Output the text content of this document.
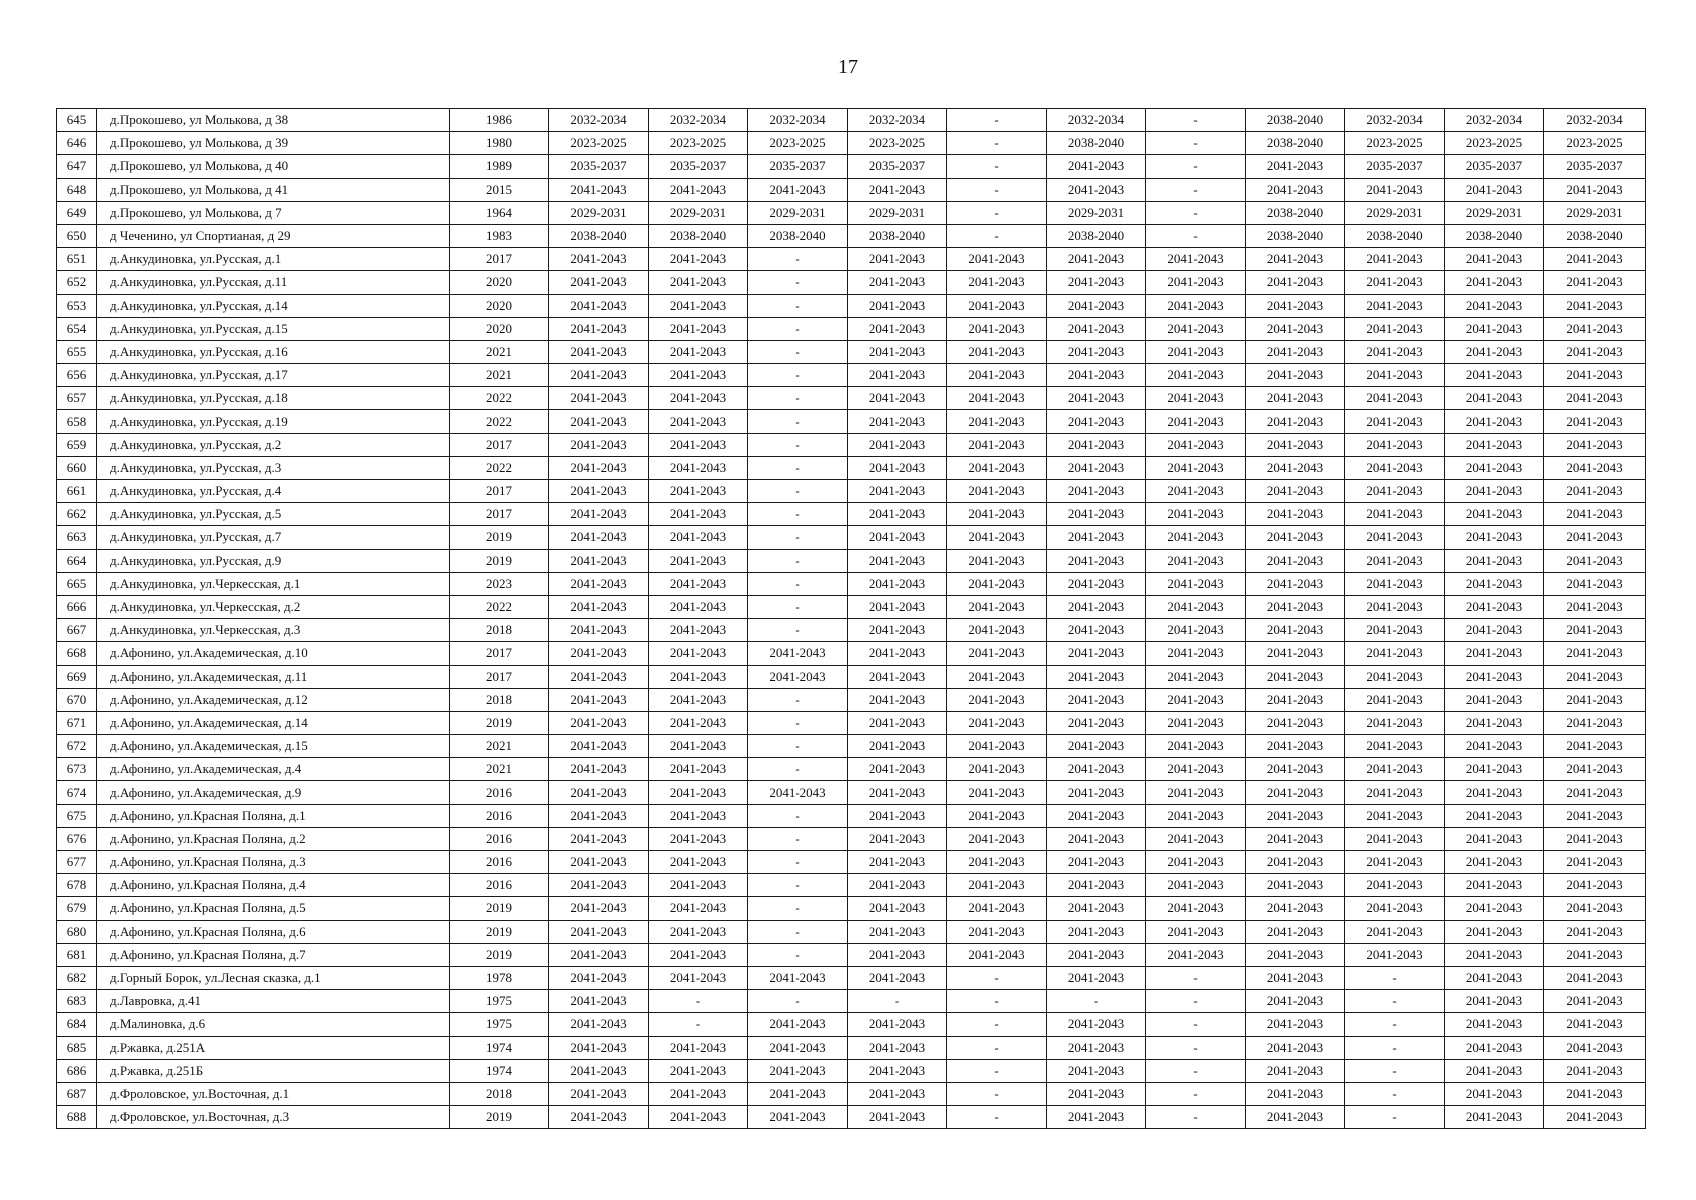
17
645	д.Прокошево, ул Молькова, д 38	1986	2032-2034	2032-2034	2032-2034	2032-2034	-	2032-2034	-	2038-2040	2032-2034	2032-2034	2032-2034
646	д.Прокошево, ул Молькова, д 39	1980	2023-2025	2023-2025	2023-2025	2023-2025	-	2038-2040	-	2038-2040	2023-2025	2023-2025	2023-2025
647	д.Прокошево, ул Молькова, д 40	1989	2035-2037	2035-2037	2035-2037	2035-2037	-	2041-2043	-	2041-2043	2035-2037	2035-2037	2035-2037
648	д.Прокошево, ул Молькова, д 41	2015	2041-2043	2041-2043	2041-2043	2041-2043	-	2041-2043	-	2041-2043	2041-2043	2041-2043	2041-2043
649	д.Прокошево, ул Молькова, д 7	1964	2029-2031	2029-2031	2029-2031	2029-2031	-	2029-2031	-	2038-2040	2029-2031	2029-2031	2029-2031
650	д Чеченино, ул Спортианая, д 29	1983	2038-2040	2038-2040	2038-2040	2038-2040	-	2038-2040	-	2038-2040	2038-2040	2038-2040	2038-2040
651	д.Анкудиновка, ул.Русская, д.1	2017	2041-2043	2041-2043	-	2041-2043	2041-2043	2041-2043	2041-2043	2041-2043	2041-2043	2041-2043	2041-2043
652	д.Анкудиновка, ул.Русская, д.11	2020	2041-2043	2041-2043	-	2041-2043	2041-2043	2041-2043	2041-2043	2041-2043	2041-2043	2041-2043	2041-2043
653	д.Анкудиновка, ул.Русская, д.14	2020	2041-2043	2041-2043	-	2041-2043	2041-2043	2041-2043	2041-2043	2041-2043	2041-2043	2041-2043	2041-2043
654	д.Анкудиновка, ул.Русская, д.15	2020	2041-2043	2041-2043	-	2041-2043	2041-2043	2041-2043	2041-2043	2041-2043	2041-2043	2041-2043	2041-2043
655	д.Анкудиновка, ул.Русская, д.16	2021	2041-2043	2041-2043	-	2041-2043	2041-2043	2041-2043	2041-2043	2041-2043	2041-2043	2041-2043	2041-2043
656	д.Анкудиновка, ул.Русская, д.17	2021	2041-2043	2041-2043	-	2041-2043	2041-2043	2041-2043	2041-2043	2041-2043	2041-2043	2041-2043	2041-2043
657	д.Анкудиновка, ул.Русская, д.18	2022	2041-2043	2041-2043	-	2041-2043	2041-2043	2041-2043	2041-2043	2041-2043	2041-2043	2041-2043	2041-2043
658	д.Анкудиновка, ул.Русская, д.19	2022	2041-2043	2041-2043	-	2041-2043	2041-2043	2041-2043	2041-2043	2041-2043	2041-2043	2041-2043	2041-2043
659	д.Анкудиновка, ул.Русская, д.2	2017	2041-2043	2041-2043	-	2041-2043	2041-2043	2041-2043	2041-2043	2041-2043	2041-2043	2041-2043	2041-2043
660	д.Анкудиновка, ул.Русская, д.3	2022	2041-2043	2041-2043	-	2041-2043	2041-2043	2041-2043	2041-2043	2041-2043	2041-2043	2041-2043	2041-2043
661	д.Анкудиновка, ул.Русская, д.4	2017	2041-2043	2041-2043	-	2041-2043	2041-2043	2041-2043	2041-2043	2041-2043	2041-2043	2041-2043	2041-2043
662	д.Анкудиновка, ул.Русская, д.5	2017	2041-2043	2041-2043	-	2041-2043	2041-2043	2041-2043	2041-2043	2041-2043	2041-2043	2041-2043	2041-2043
663	д.Анкудиновка, ул.Русская, д.7	2019	2041-2043	2041-2043	-	2041-2043	2041-2043	2041-2043	2041-2043	2041-2043	2041-2043	2041-2043	2041-2043
664	д.Анкудиновка, ул.Русская, д.9	2019	2041-2043	2041-2043	-	2041-2043	2041-2043	2041-2043	2041-2043	2041-2043	2041-2043	2041-2043	2041-2043
665	д.Анкудиновка, ул.Черкесская, д.1	2023	2041-2043	2041-2043	-	2041-2043	2041-2043	2041-2043	2041-2043	2041-2043	2041-2043	2041-2043	2041-2043
666	д.Анкудиновка, ул.Черкесская, д.2	2022	2041-2043	2041-2043	-	2041-2043	2041-2043	2041-2043	2041-2043	2041-2043	2041-2043	2041-2043	2041-2043
667	д.Анкудиновка, ул.Черкесская, д.3	2018	2041-2043	2041-2043	-	2041-2043	2041-2043	2041-2043	2041-2043	2041-2043	2041-2043	2041-2043	2041-2043
668	д.Афонино, ул.Академическая, д.10	2017	2041-2043	2041-2043	2041-2043	2041-2043	2041-2043	2041-2043	2041-2043	2041-2043	2041-2043	2041-2043	2041-2043
669	д.Афонино, ул.Академическая, д.11	2017	2041-2043	2041-2043	2041-2043	2041-2043	2041-2043	2041-2043	2041-2043	2041-2043	2041-2043	2041-2043	2041-2043
670	д.Афонино, ул.Академическая, д.12	2018	2041-2043	2041-2043	-	2041-2043	2041-2043	2041-2043	2041-2043	2041-2043	2041-2043	2041-2043	2041-2043
671	д.Афонино, ул.Академическая, д.14	2019	2041-2043	2041-2043	-	2041-2043	2041-2043	2041-2043	2041-2043	2041-2043	2041-2043	2041-2043	2041-2043
672	д.Афонино, ул.Академическая, д.15	2021	2041-2043	2041-2043	-	2041-2043	2041-2043	2041-2043	2041-2043	2041-2043	2041-2043	2041-2043	2041-2043
673	д.Афонино, ул.Академическая, д.4	2021	2041-2043	2041-2043	-	2041-2043	2041-2043	2041-2043	2041-2043	2041-2043	2041-2043	2041-2043	2041-2043
674	д.Афонино, ул.Академическая, д.9	2016	2041-2043	2041-2043	2041-2043	2041-2043	2041-2043	2041-2043	2041-2043	2041-2043	2041-2043	2041-2043	2041-2043
675	д.Афонино, ул.Красная Поляна, д.1	2016	2041-2043	2041-2043	-	2041-2043	2041-2043	2041-2043	2041-2043	2041-2043	2041-2043	2041-2043	2041-2043
676	д.Афонино, ул.Красная Поляна, д.2	2016	2041-2043	2041-2043	-	2041-2043	2041-2043	2041-2043	2041-2043	2041-2043	2041-2043	2041-2043	2041-2043
677	д.Афонино, ул.Красная Поляна, д.3	2016	2041-2043	2041-2043	-	2041-2043	2041-2043	2041-2043	2041-2043	2041-2043	2041-2043	2041-2043	2041-2043
678	д.Афонино, ул.Красная Поляна, д.4	2016	2041-2043	2041-2043	-	2041-2043	2041-2043	2041-2043	2041-2043	2041-2043	2041-2043	2041-2043	2041-2043
679	д.Афонино, ул.Красная Поляна, д.5	2019	2041-2043	2041-2043	-	2041-2043	2041-2043	2041-2043	2041-2043	2041-2043	2041-2043	2041-2043	2041-2043
680	д.Афонино, ул.Красная Поляна, д.6	2019	2041-2043	2041-2043	-	2041-2043	2041-2043	2041-2043	2041-2043	2041-2043	2041-2043	2041-2043	2041-2043
681	д.Афонино, ул.Красная Поляна, д.7	2019	2041-2043	2041-2043	-	2041-2043	2041-2043	2041-2043	2041-2043	2041-2043	2041-2043	2041-2043	2041-2043
682	д.Горный Борок, ул.Лесная сказка, д.1	1978	2041-2043	2041-2043	2041-2043	2041-2043	-	2041-2043	-	2041-2043	-	2041-2043	2041-2043
683	д.Лавровка, д.41	1975	2041-2043	-	-	-	-	-	-	2041-2043	-	2041-2043	2041-2043
684	д.Малиновка, д.6	1975	2041-2043	-	2041-2043	2041-2043	-	2041-2043	-	2041-2043	-	2041-2043	2041-2043
685	д.Ржавка, д.251А	1974	2041-2043	2041-2043	2041-2043	2041-2043	-	2041-2043	-	2041-2043	-	2041-2043	2041-2043
686	д.Ржавка, д.251Б	1974	2041-2043	2041-2043	2041-2043	2041-2043	-	2041-2043	-	2041-2043	-	2041-2043	2041-2043
687	д.Фроловское, ул.Восточная, д.1	2018	2041-2043	2041-2043	2041-2043	2041-2043	-	2041-2043	-	2041-2043	-	2041-2043	2041-2043
688	д.Фроловское, ул.Восточная, д.3	2019	2041-2043	2041-2043	2041-2043	2041-2043	-	2041-2043	-	2041-2043	-	2041-2043	2041-2043
